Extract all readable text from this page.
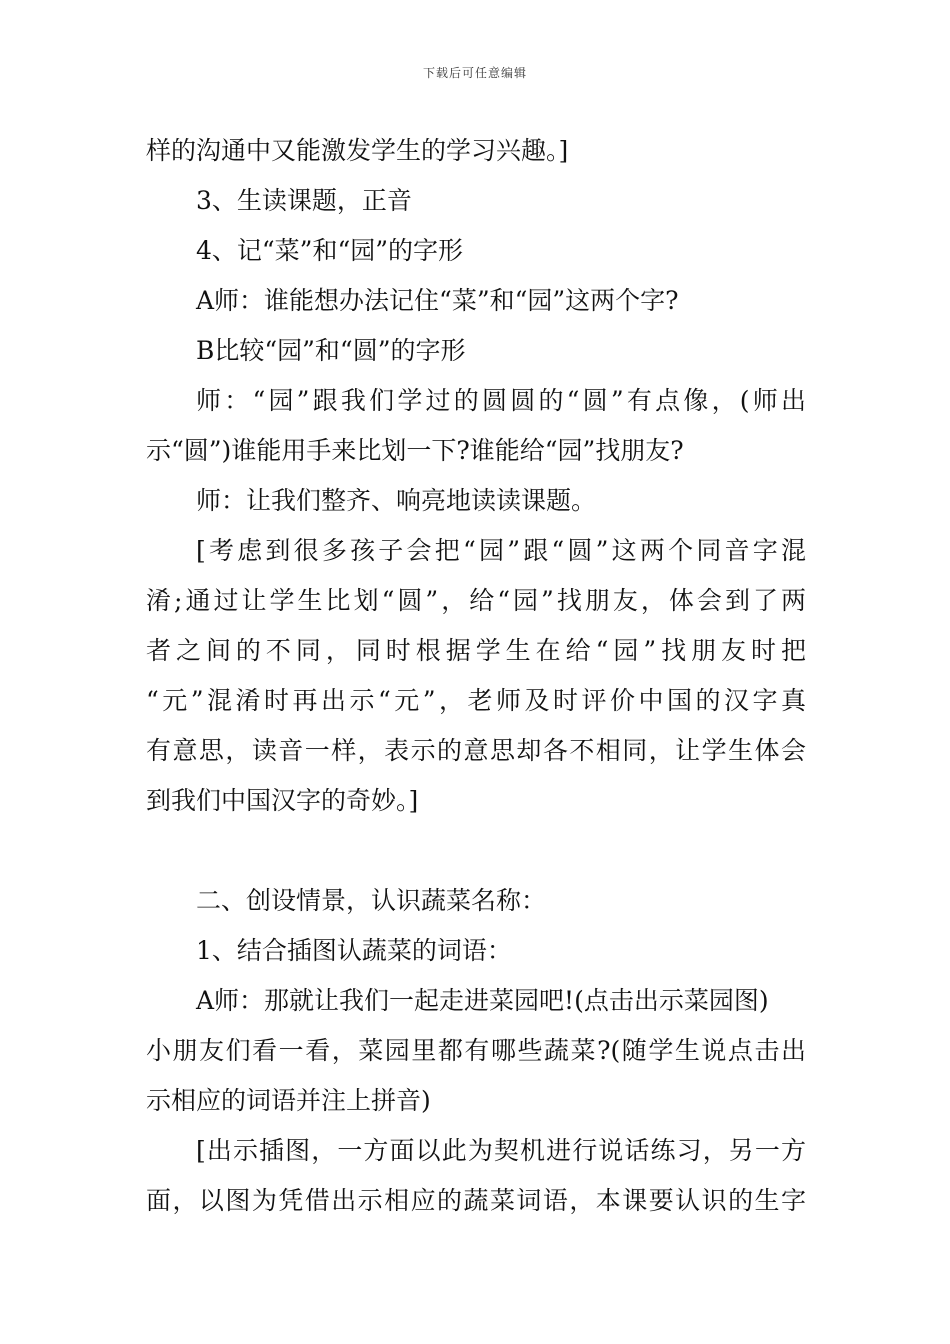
下载后可任意编辑
样的沟通中又能激发学生的学习兴趣。]
3、生读课题，正音
4、记“菜”和“园”的字形
A师：谁能想办法记住“菜”和“园”这两个字?
B比较“园”和“圆”的字形
师：“园”跟我们学过的圆圆的“圆”有点像，(师出
示“圆”)谁能用手来比划一下?谁能给“园”找朋友?
师：让我们整齐、响亮地读读课题。
[考虑到很多孩子会把“园”跟“圆”这两个同音字混
淆;通过让学生比划“圆”，给“园”找朋友，体会到了两
者之间的不同，同时根据学生在给“园”找朋友时把
“元”混淆时再出示“元”，老师及时评价中国的汉字真
有意思，读音一样，表示的意思却各不相同，让学生体会
到我们中国汉字的奇妙。]
二、创设情景，认识蔬菜名称：
1、结合插图认蔬菜的词语：
A师：那就让我们一起走进菜园吧!(点击出示菜园图)
小朋友们看一看，菜园里都有哪些蔬菜?(随学生说点击出
示相应的词语并注上拼音)
[出示插图，一方面以此为契机进行说话练习，另一方
面，以图为凭借出示相应的蔬菜词语，本课要认识的生字
